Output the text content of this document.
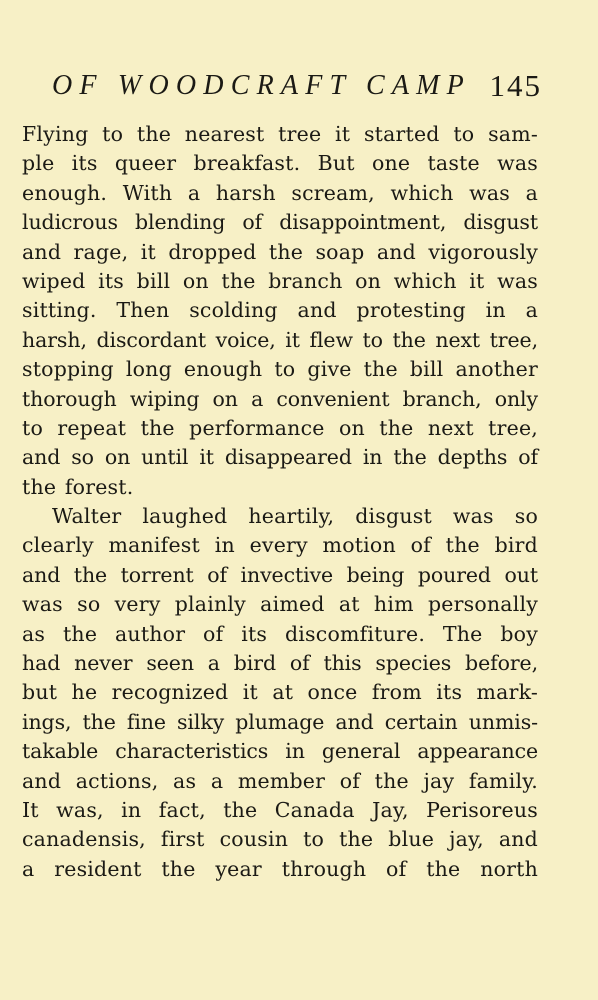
OF WOODCRAFT CAMP 145
Flying to the nearest tree it started to sam-
ple its queer breakfast. But one taste was
enough. With a harsh scream, which was a
ludicrous blending of disappointment, disgust
and rage, it dropped the soap and vigorously
wiped its bill on the branch on which it was
sitting. Then scolding and protesting in a
harsh, discordant voice, it flew to the next tree,
stopping long enough to give the bill another
thorough wiping on a convenient branch, only
to repeat the performance on the next tree,
and so on until it disappeared in the depths of
the forest.
Walter laughed heartily, disgust was so
clearly manifest in every motion of the bird
and the torrent of invective being poured out
was so very plainly aimed at him personally
as the author of its discomfiture. The boy
had never seen a bird of this species before,
but he recognized it at once from its mark-
ings, the fine silky plumage and certain unmis-
takable characteristics in general appearance
and actions, as a member of the jay family.
It was, in fact, the Canada Jay, Perisoreus
canadensis, first cousin to the blue jay, and
a resident the year through of the north
